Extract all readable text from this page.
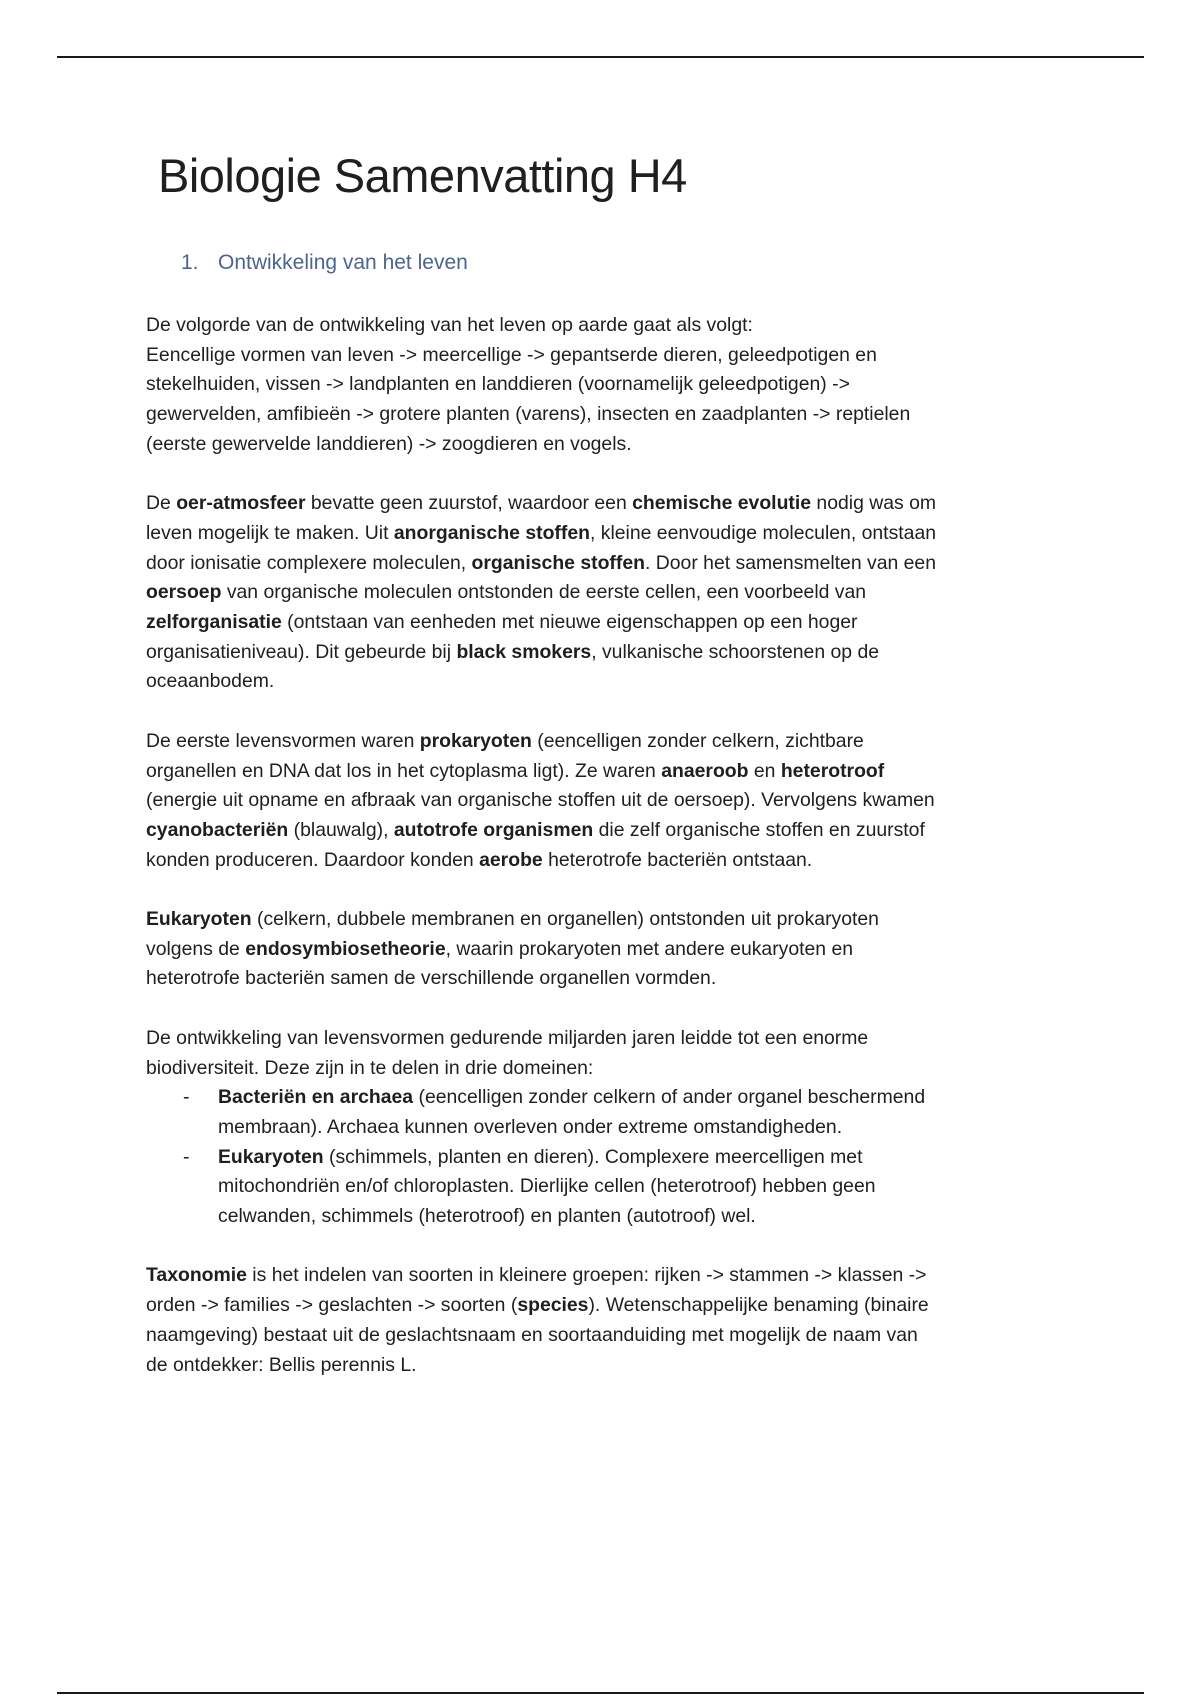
Biologie Samenvatting H4
1. Ontwikkeling van het leven

De volgorde van de ontwikkeling van het leven op aarde gaat als volgt:
Eencellige vormen van leven -> meercellige -> gepantserde dieren, geleedpotigen en
stekelhuiden, vissen -> landplanten en landdieren (voornamelijk geleedpotigen) ->
gewervelden, amfibieën -> grotere planten (varens), insecten en zaadplanten -> reptielen
(eerste gewervelde landdieren) -> zoogdieren en vogels.

De oer-atmosfeer bevatte geen zuurstof, waardoor een chemische evolutie nodig was om
leven mogelijk te maken. Uit anorganische stoffen, kleine eenvoudige moleculen, ontstaan
door ionisatie complexere moleculen, organische stoffen. Door het samensmelten van een
oersoep van organische moleculen ontstonden de eerste cellen, een voorbeeld van
zelforganisatie (ontstaan van eenheden met nieuwe eigenschappen op een hoger
organisatieniveau). Dit gebeurde bij black smokers, vulkanische schoorstenen op de
oceaanbodem.

De eerste levensvormen waren prokaryoten (eencelligen zonder celkern, zichtbare
organellen en DNA dat los in het cytoplasma ligt). Ze waren anaeroob en heterotroof
(energie uit opname en afbraak van organische stoffen uit de oersoep). Vervolgens kwamen
cyanobacteriën (blauwalg), autotrofe organismen die zelf organische stoffen en zuurstof
konden produceren. Daardoor konden aerobe heterotrofe bacteriën ontstaan.

Eukaryoten (celkern, dubbele membranen en organellen) ontstonden uit prokaryoten
volgens de endosymbiosetheorie, waarin prokaryoten met andere eukaryoten en
heterotrofe bacteriën samen de verschillende organellen vormden.

De ontwikkeling van levensvormen gedurende miljarden jaren leidde tot een enorme
biodiversiteit. Deze zijn in te delen in drie domeinen:

- Bacteriën en archaea (eencelligen zonder celkern of ander organel beschermend
membraan). Archaea kunnen overleven onder extreme omstandigheden.
- Eukaryoten (schimmels, planten en dieren). Complexere meercelligen met
mitochondriën en/of chloroplasten. Dierlijke cellen (heterotroof) hebben geen
celwanden, schimmels (heterotroof) en planten (autotroof) wel.

Taxonomie is het indelen van soorten in kleinere groepen: rijken -> stammen -> klassen ->
orden -> families -> geslachten -> soorten (species). Wetenschappelijke benaming (binaire
naamgeving) bestaat uit de geslachtsnaam en soortaanduiding met mogelijk de naam van
de ontdekker: Bellis perennis L.
